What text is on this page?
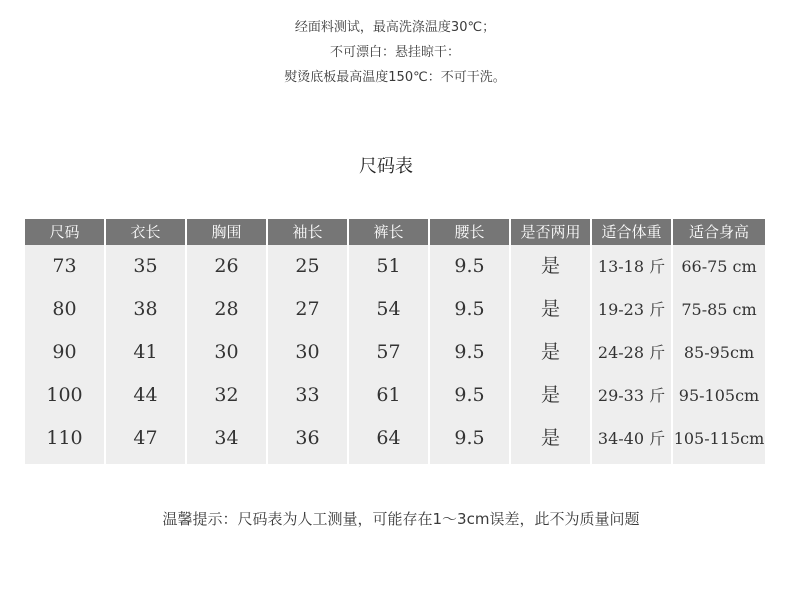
经面料测试，最高洗涤温度30℃；
不可漂白：悬挂晾干：
熨烫底板最高温度150℃：不可干洗。
尺码表
尺码	衣长	胸围	袖长	裤长	腰长	是否两用	适合体重	适合身高
73	35	26	25	51	9.5	是	13-18 斤	66-75 cm
80	38	28	27	54	9.5	是	19-23 斤	75-85 cm
90	41	30	30	57	9.5	是	24-28 斤	85-95cm
100	44	32	33	61	9.5	是	29-33 斤 95-105cm
110	47	34	36	64	9.5	是	34-40 斤 105-115cm
温馨提示：尺码表为人工测量，可能存在1～3cm误差，此不为质量问题
